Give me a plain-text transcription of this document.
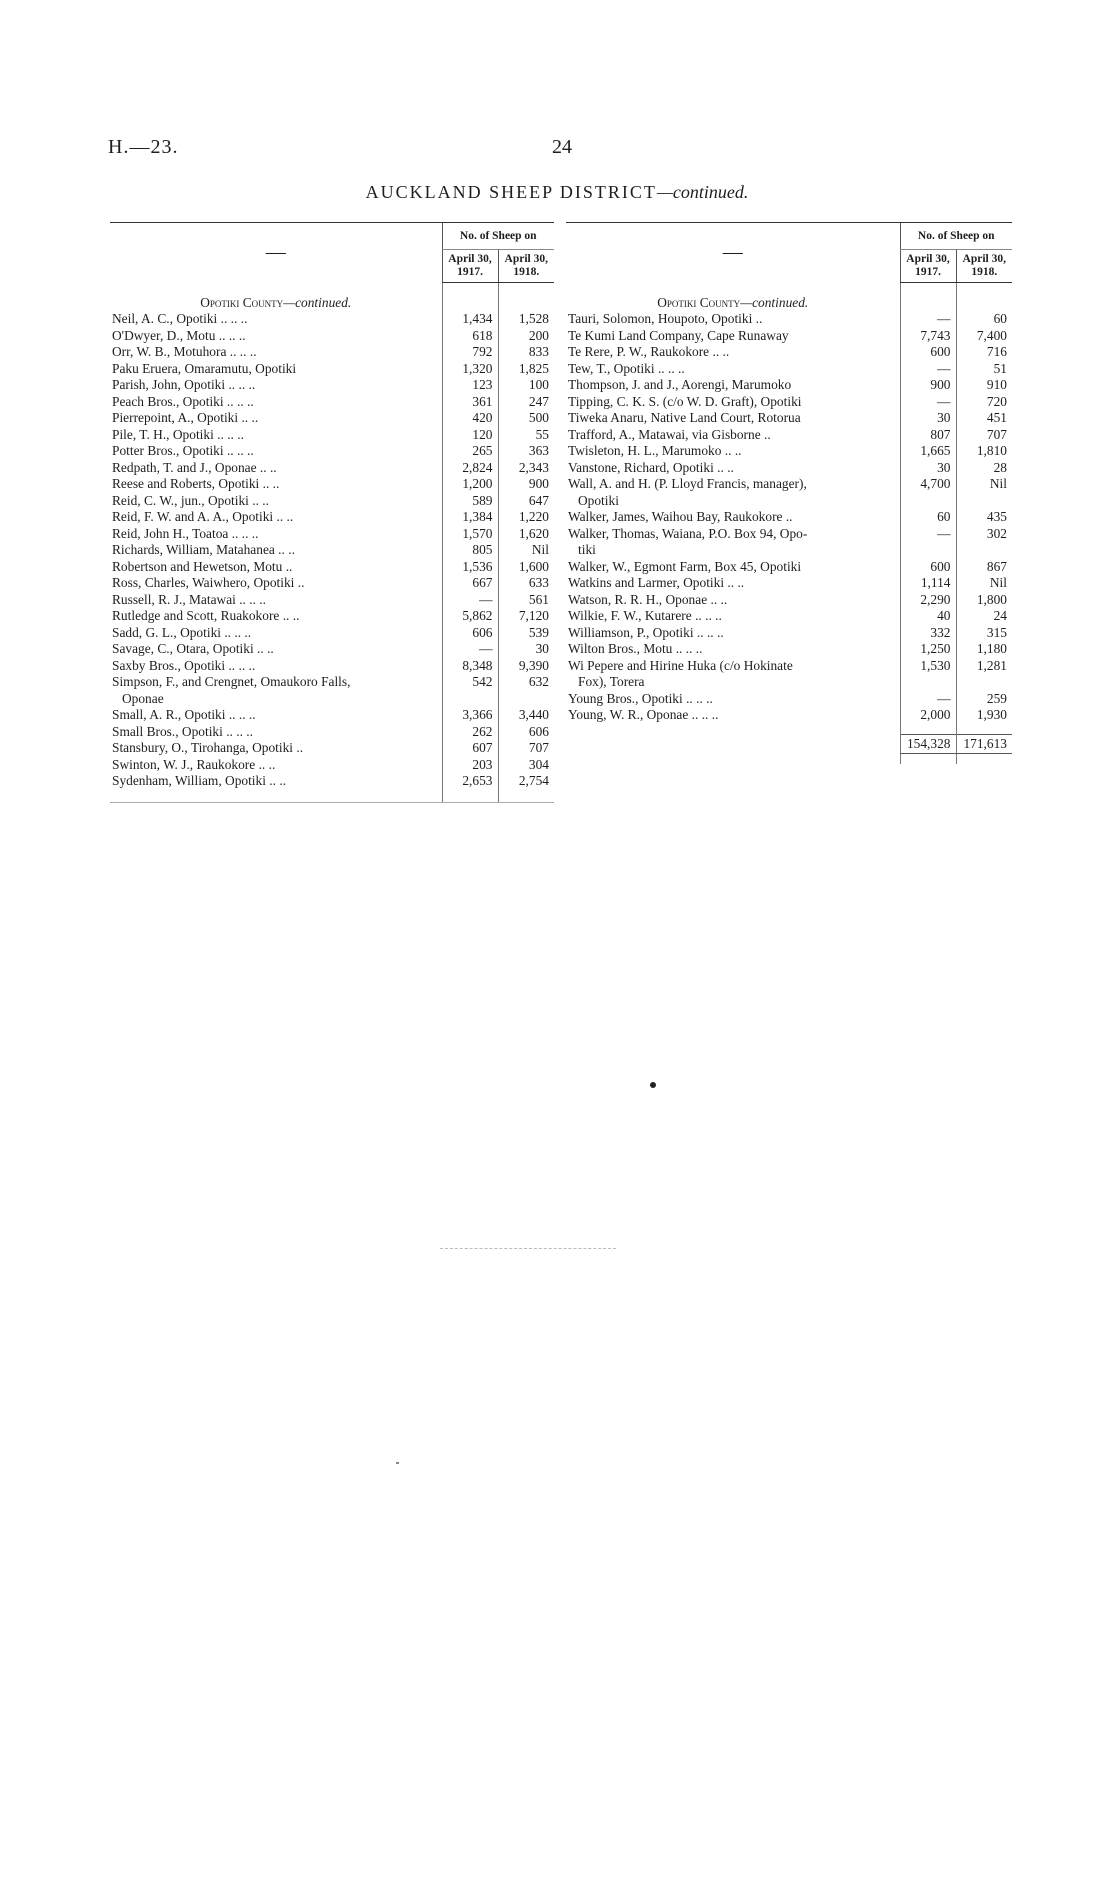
H.—23.	24
AUCKLAND SHEEP DISTRICT—continued.
—	No. of Sheep on	
	April 30, 1917.	April 30, 1918.
Opotiki County—continued.		
Neil, A. C., Opotiki .. .. ..	1,434	1,528
O'Dwyer, D., Motu .. .. ..	618	200
Orr, W. B., Motuhora .. .. ..	792	833
Paku Eruera, Omaramutu, Opotiki	1,320	1,825
Parish, John, Opotiki .. .. ..	123	100
Peach Bros., Opotiki .. .. ..	361	247
Pierrepoint, A., Opotiki .. ..	420	500
Pile, T. H., Opotiki .. .. ..	120	55
Potter Bros., Opotiki .. .. ..	265	363
Redpath, T. and J., Oponae .. ..	2,824	2,343
Reese and Roberts, Opotiki .. ..	1,200	900
Reid, C. W., jun., Opotiki .. ..	589	647
Reid, F. W. and A. A., Opotiki .. ..	1,384	1,220
Reid, John H., Toatoa .. .. ..	1,570	1,620
Richards, William, Matahanea .. ..	805	Nil
Robertson and Hewetson, Motu ..	1,536	1,600
Ross, Charles, Waiwhero, Opotiki ..	667	633
Russell, R. J., Matawai .. .. ..	—	561
Rutledge and Scott, Ruakokore .. ..	5,862	7,120
Sadd, G. L., Opotiki .. .. ..	606	539
Savage, C., Otara, Opotiki .. ..	—	30
Saxby Bros., Opotiki .. .. ..	8,348	9,390
Simpson, F., and Crengnet, Omaukoro Falls,	542	632
Oponae		
Small, A. R., Opotiki .. .. ..	3,366	3,440
Small Bros., Opotiki .. .. ..	262	606
Stansbury, O., Tirohanga, Opotiki ..	607	707
Swinton, W. J., Raukokore .. ..	203	304
Sydenham, William, Opotiki .. ..	2,653	2,754

—	No. of Sheep on	
	April 30, 1917.	April 30, 1918.
Opotiki County—continued.		
Tauri, Solomon, Houpoto, Opotiki ..	—	60
Te Kumi Land Company, Cape Runaway	7,743	7,400
Te Rere, P. W., Raukokore .. ..	600	716
Tew, T., Opotiki .. .. ..	—	51
Thompson, J. and J., Aorengi, Marumoko	900	910
Tipping, C. K. S. (c/o W. D. Graft), Opotiki	—	720
Tiweka Anaru, Native Land Court, Rotorua	30	451
Trafford, A., Matawai, via Gisborne ..	807	707
Twisleton, H. L., Marumoko .. ..	1,665	1,810
Vanstone, Richard, Opotiki .. ..	30	28
Wall, A. and H. (P. Lloyd Francis, manager),	4,700	Nil
Opotiki		
Walker, James, Waihou Bay, Raukokore ..	60	435
Walker, Thomas, Waiana, P.O. Box 94, Opo-	—	302
tiki		
Walker, W., Egmont Farm, Box 45, Opotiki	600	867
Watkins and Larmer, Opotiki .. ..	1,114	Nil
Watson, R. R. H., Oponae .. ..	2,290	1,800
Wilkie, F. W., Kutarere .. .. ..	40	24
Williamson, P., Opotiki .. .. ..	332	315
Wilton Bros., Motu .. .. ..	1,250	1,180
Wi Pepere and Hirine Huka (c/o Hokinate	1,530	1,281
Fox), Torera		
Young Bros., Opotiki .. .. ..	—	259
Young, W. R., Oponae .. .. ..	2,000	1,930

	154,328	171,613
